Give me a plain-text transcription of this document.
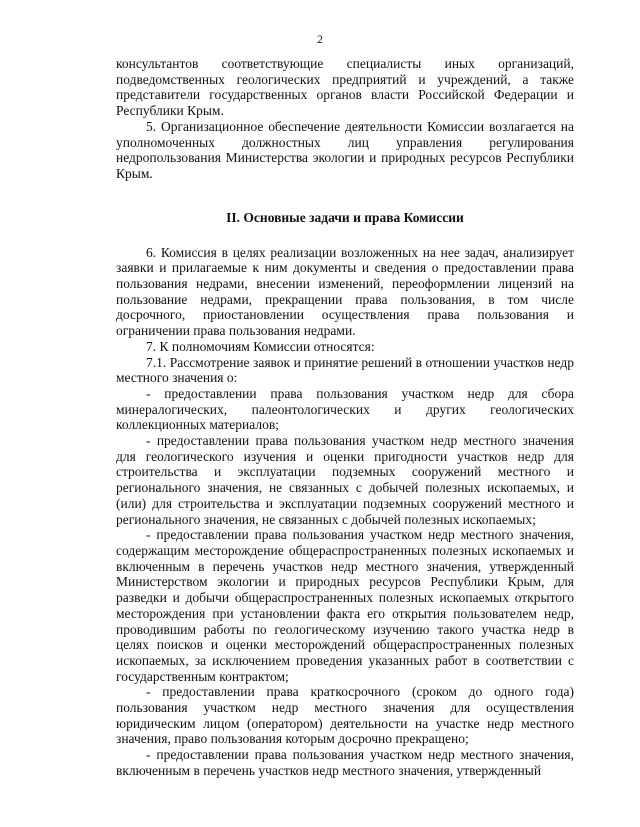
2

консультантов соответствующие специалисты иных организаций, подведомственных геологических предприятий и учреждений, а также представители государственных органов власти Российской Федерации и Республики Крым.

5. Организационное обеспечение деятельности Комиссии возлагается на уполномоченных должностных лиц управления регулирования недропользования Министерства экологии и природных ресурсов Республики Крым.

II. Основные задачи и права Комиссии

6. Комиссия в целях реализации возложенных на нее задач, анализирует заявки и прилагаемые к ним документы и сведения о предоставлении права пользования недрами, внесении изменений, переоформлении лицензий на пользование недрами, прекращении права пользования, в том числе досрочного, приостановлении осуществления права пользования и ограничении права пользования недрами.

7. К полномочиям Комиссии относятся:

7.1. Рассмотрение заявок и принятие решений в отношении участков недр местного значения о:

- предоставлении права пользования участком недр для сбора минералогических, палеонтологических и других геологических коллекционных материалов;

- предоставлении права пользования участком недр местного значения для геологического изучения и оценки пригодности участков недр для строительства и эксплуатации подземных сооружений местного и регионального значения, не связанных с добычей полезных ископаемых, и (или) для строительства и эксплуатации подземных сооружений местного и регионального значения, не связанных с добычей полезных ископаемых;

- предоставлении права пользования участком недр местного значения, содержащим месторождение общераспространенных полезных ископаемых и включенным в перечень участков недр местного значения, утвержденный Министерством экологии и природных ресурсов Республики Крым, для разведки и добычи общераспространенных полезных ископаемых открытого месторождения при установлении факта его открытия пользователем недр, проводившим работы по геологическому изучению такого участка недр в целях поисков и оценки месторождений общераспространенных полезных ископаемых, за исключением проведения указанных работ в соответствии с государственным контрактом;

- предоставлении права краткосрочного (сроком до одного года) пользования участком недр местного значения для осуществления юридическим лицом (оператором) деятельности на участке недр местного значения, право пользования которым досрочно прекращено;

- предоставлении права пользования участком недр местного значения, включенным в перечень участков недр местного значения, утвержденный
